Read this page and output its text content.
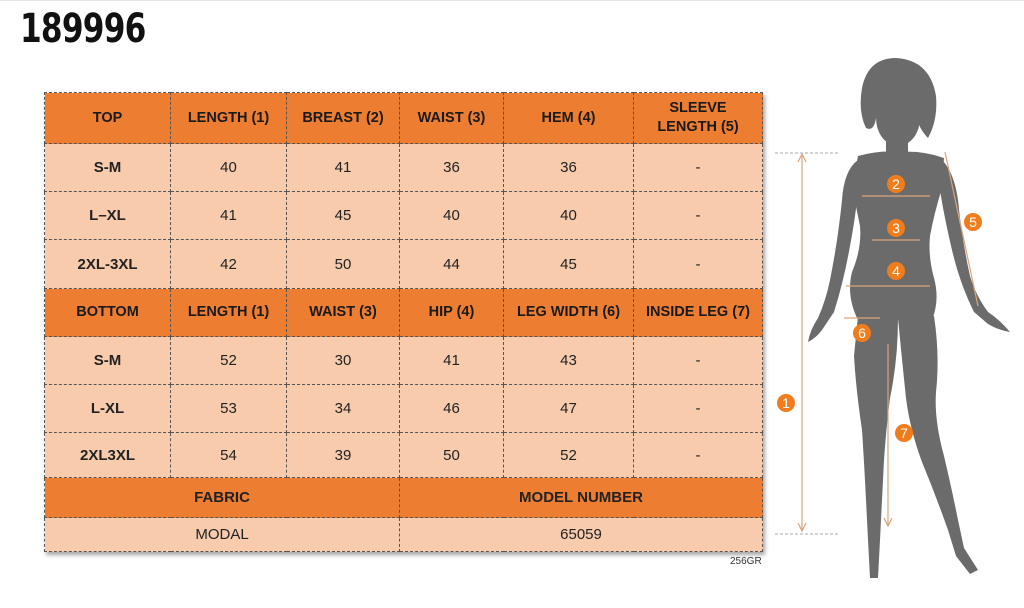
189996
TOP	LENGTH (1)	BREAST (2)	WAIST (3)	HEM (4)	SLEEVE LENGTH (5)
S-M	40	41	36	36	-
L–XL	41	45	40	40	-
2XL-3XL	42	50	44	45	-
BOTTOM	LENGTH (1)	WAIST (3)	HIP (4)	LEG WIDTH (6)	INSIDE LEG (7)
S-M	52	30	41	43	-
L-XL	53	34	46	47	-
2XL3XL	54	39	50	52	-
FABRIC			MODEL NUMBER		
MODAL			65059		
256GR
1
2
3
4
5
6
7
